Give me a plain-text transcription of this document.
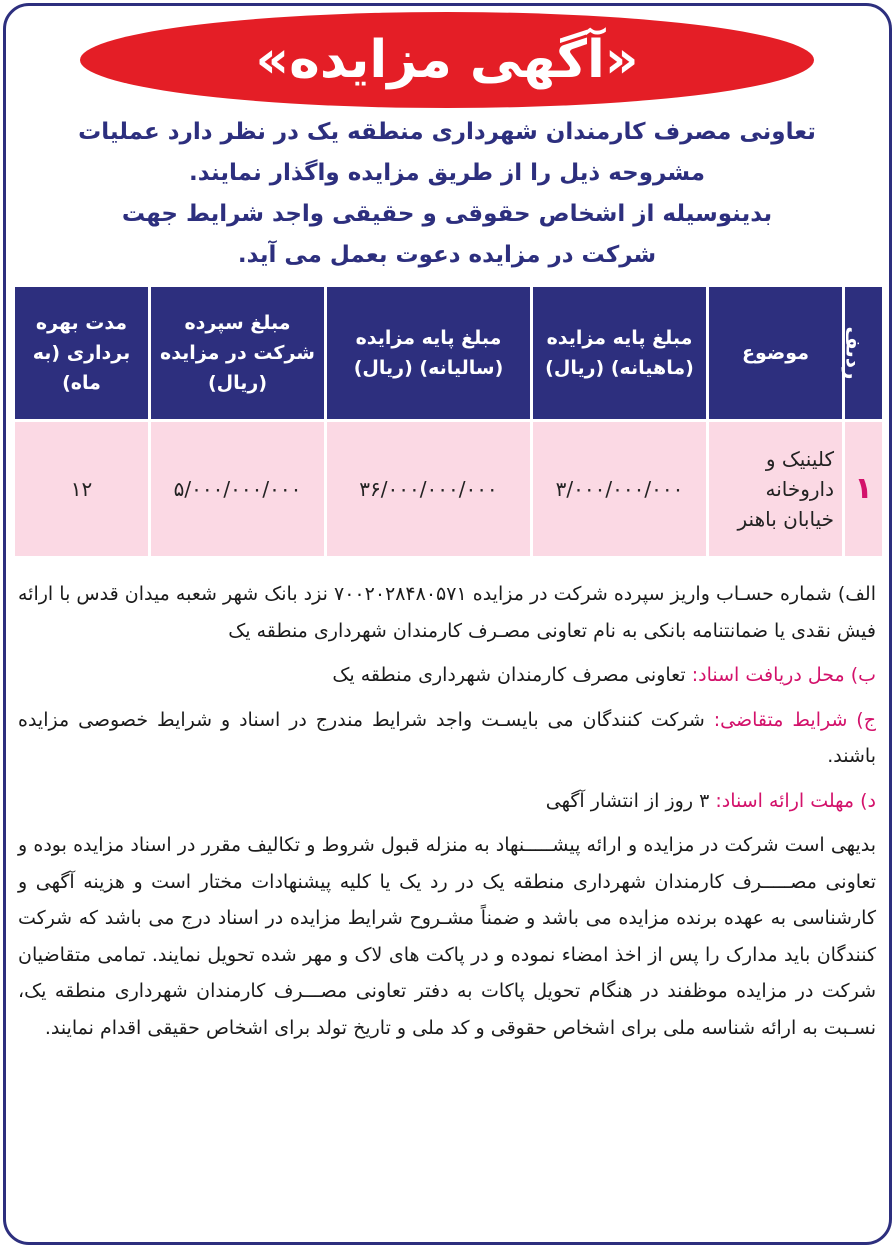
«آگهی مزایده»
تعاونی مصرف کارمندان شهرداری منطقه یک در نظر دارد عملیات
مشروحه ذیل را از طریق مزایده واگذار نمایند.
بدینوسیله از اشخاص حقوقی و حقیقی واجد شرایط جهت
شرکت در مزایده دعوت بعمل می آید.
ردیف	موضوع	مبلغ پایه مزایده (ماهیانه) (ریال)	مبلغ پایه مزایده (سالیانه) (ریال)	مبلغ سپرده شرکت در مزایده (ریال)	مدت بهره برداری (به ماه)
۱	کلینیک و داروخانه خیابان باهنر	۳/۰۰۰/۰۰۰/۰۰۰	۳۶/۰۰۰/۰۰۰/۰۰۰	۵/۰۰۰/۰۰۰/۰۰۰	۱۲

الف) شماره حسـاب واریز سپرده شرکت در مزایده ۷۰۰۲۰۲۸۴۸۰۵۷۱ نزد بانک شهر شعبه میدان قدس با ارائه فیش نقدی یا ضمانتنامه بانکی به نام تعاونی مصـرف کارمندان شهرداری منطقه یک

ب) محل دریافت اسناد: تعاونی مصرف کارمندان شهرداری منطقه یک

ج) شرایط متقاضی: شرکت کنندگان می بایسـت واجد شرایط مندرج در اسناد و شرایط خصوصی مزایده باشند.

د) مهلت ارائه اسناد: ۳ روز از انتشار آگهی

بدیهی است شرکت در مزایده و ارائه پیشـــــنهاد به منزله قبول شروط و تکالیف مقرر در اسناد مزایده بوده و تعاونی مصـــــرف کارمندان شهرداری منطقه یک در رد یک یا کلیه پیشنهادات مختار است و هزینه آگهی و کارشناسی به عهده برنده مزایده می باشد و ضمناً مشـروح شرایط مزایده در اسناد درج می باشد که شرکت کنندگان باید مدارک را پس از اخذ امضاء نموده و در پاکت های لاک و مهر شده تحویل نمایند. تمامی متقاضیان شرکت در مزایده موظفند در هنگام تحویل پاکات به دفتر تعاونی مصـــرف کارمندان شهرداری منطقه یک، نسـبت به ارائه شناسه ملی برای اشخاص حقوقی و کد ملی و تاریخ تولد برای اشخاص حقیقی اقدام نمایند.
